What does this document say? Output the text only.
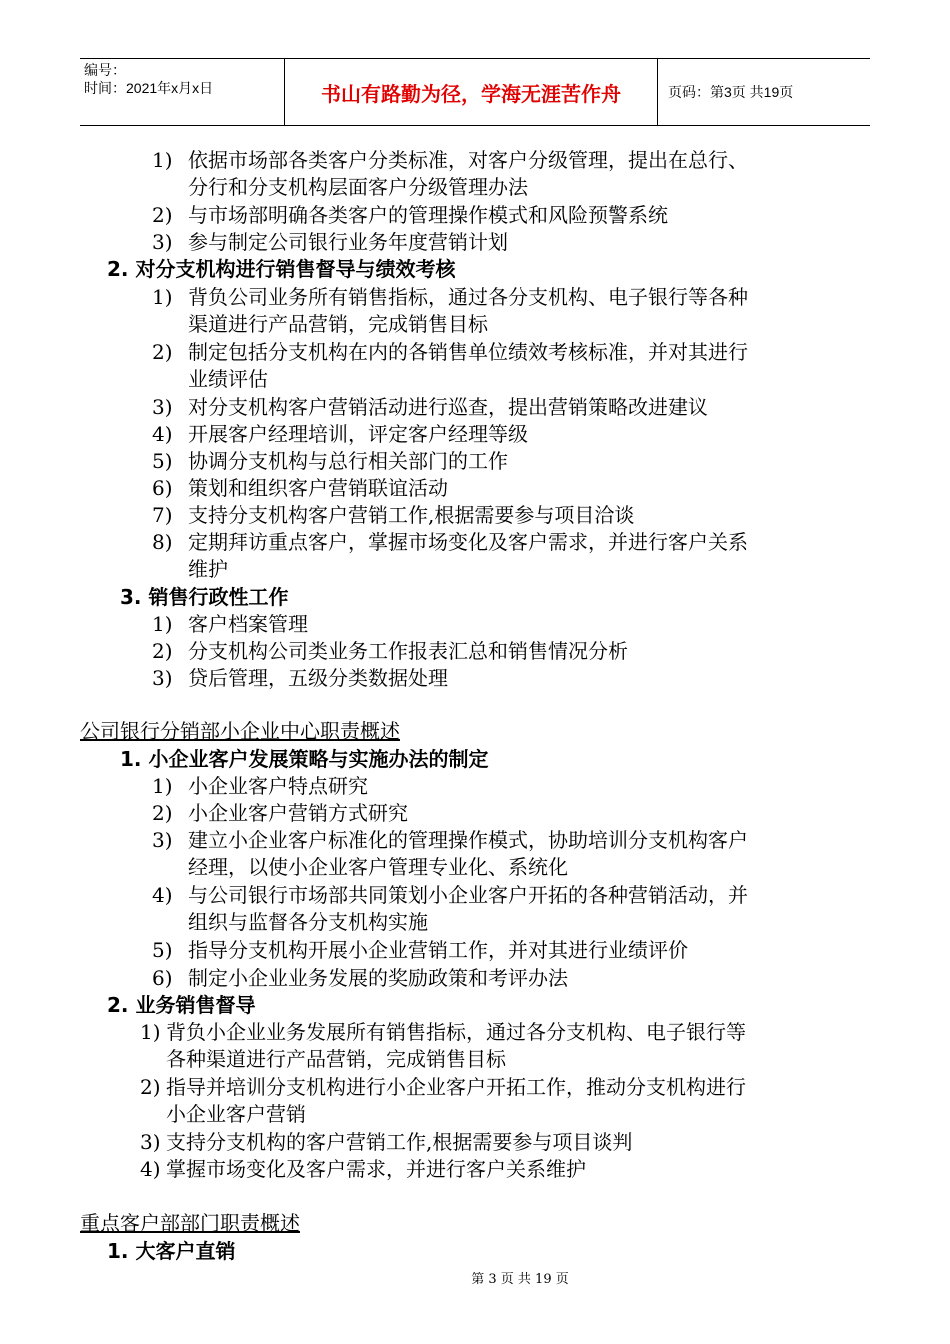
编号：
时间：2021年x月x日	书山有路勤为径，学海无涯苦作舟	页码：第3页 共19页
1) 依据市场部各类客户分类标准，对客户分级管理，提出在总行、
分行和分支机构层面客户分级管理办法
2) 与市场部明确各类客户的管理操作模式和风险预警系统
3) 参与制定公司银行业务年度营销计划
2. 对分支机构进行销售督导与绩效考核
1) 背负公司业务所有销售指标，通过各分支机构、电子银行等各种
渠道进行产品营销，完成销售目标
2) 制定包括分支机构在内的各销售单位绩效考核标准，并对其进行
业绩评估
3) 对分支机构客户营销活动进行巡查，提出营销策略改进建议
4) 开展客户经理培训，评定客户经理等级
5) 协调分支机构与总行相关部门的工作
6) 策划和组织客户营销联谊活动
7) 支持分支机构客户营销工作,根据需要参与项目洽谈
8) 定期拜访重点客户，掌握市场变化及客户需求，并进行客户关系
维护
3. 销售行政性工作
1) 客户档案管理
2) 分支机构公司类业务工作报表汇总和销售情况分析
3) 贷后管理，五级分类数据处理
公司银行分销部小企业中心职责概述
1. 小企业客户发展策略与实施办法的制定
1) 小企业客户特点研究
2) 小企业客户营销方式研究
3) 建立小企业客户标准化的管理操作模式，协助培训分支机构客户
经理，以使小企业客户管理专业化、系统化
4) 与公司银行市场部共同策划小企业客户开拓的各种营销活动，并
组织与监督各分支机构实施
5) 指导分支机构开展小企业营销工作，并对其进行业绩评价
6) 制定小企业业务发展的奖励政策和考评办法
2. 业务销售督导
1) 背负小企业业务发展所有销售指标，通过各分支机构、电子银行等
各种渠道进行产品营销，完成销售目标
2) 指导并培训分支机构进行小企业客户开拓工作，推动分支机构进行
小企业客户营销
3) 支持分支机构的客户营销工作,根据需要参与项目谈判
4) 掌握市场变化及客户需求，并进行客户关系维护
重点客户部部门职责概述
1. 大客户直销
第 3 页 共 19 页
